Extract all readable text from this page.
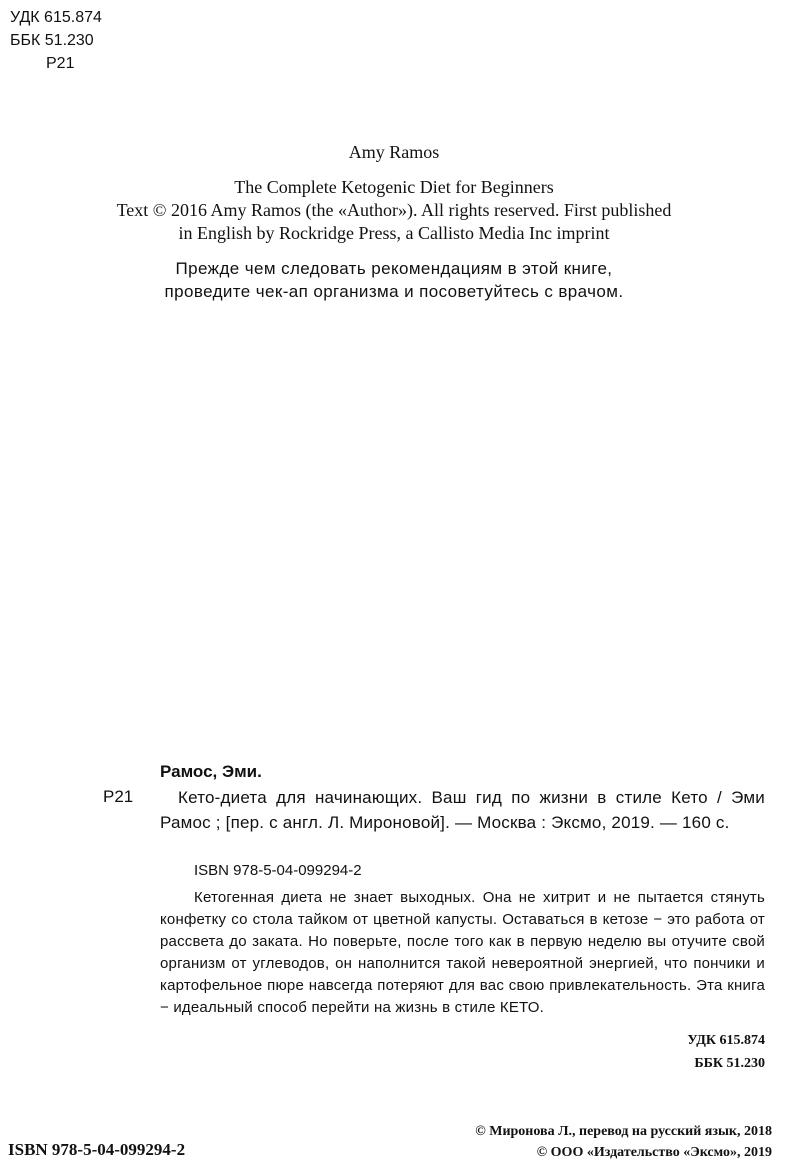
УДК 615.874
ББК 51.230
Р21
Amy Ramos
The Complete Ketogenic Diet for Beginners
Text © 2016 Amy Ramos (the «Author»). All rights reserved. First published
in English by Rockridge Press, a Callisto Media Inc imprint
Прежде чем следовать рекомендациям в этой книге,
проведите чек-ап организма и посоветуйтесь с врачом.
Рамос, Эми.
Р21	Кето-диета для начинающих. Ваш гид по жизни в стиле Кето / Эми Рамос ; [пер. с англ. Л. Мироновой]. — Москва : Эксмо, 2019. — 160 с.
ISBN 978-5-04-099294-2
Кетогенная диета не знает выходных. Она не хитрит и не пытается стянуть конфетку со стола тайком от цветной капусты. Оставаться в кетозе − это работа от рассвета до заката. Но поверьте, после того как в первую неделю вы отучите свой организм от углеводов, он наполнится такой невероятной энергией, что пончики и картофельное пюре навсегда потеряют для вас свою привлекательность. Эта книга − идеальный способ перейти на жизнь в стиле КЕТО.
УДК 615.874
ББК 51.230
© Миронова Л., перевод на русский язык, 2018
© ООО «Издательство «Эксмо», 2019
ISBN 978-5-04-099294-2
